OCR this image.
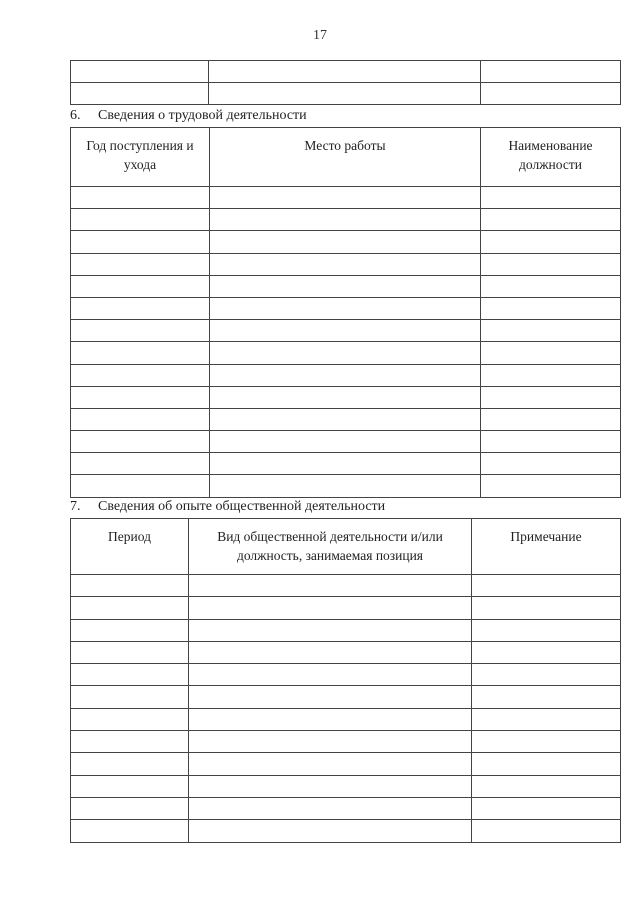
17

6. Сведения о трудовой деятельности
Год поступления и ухода	Место работы	Наименование должности

7. Сведения об опыте общественной деятельности
Период	Вид общественной деятельности и/или должность, занимаемая позиция	Примечание
